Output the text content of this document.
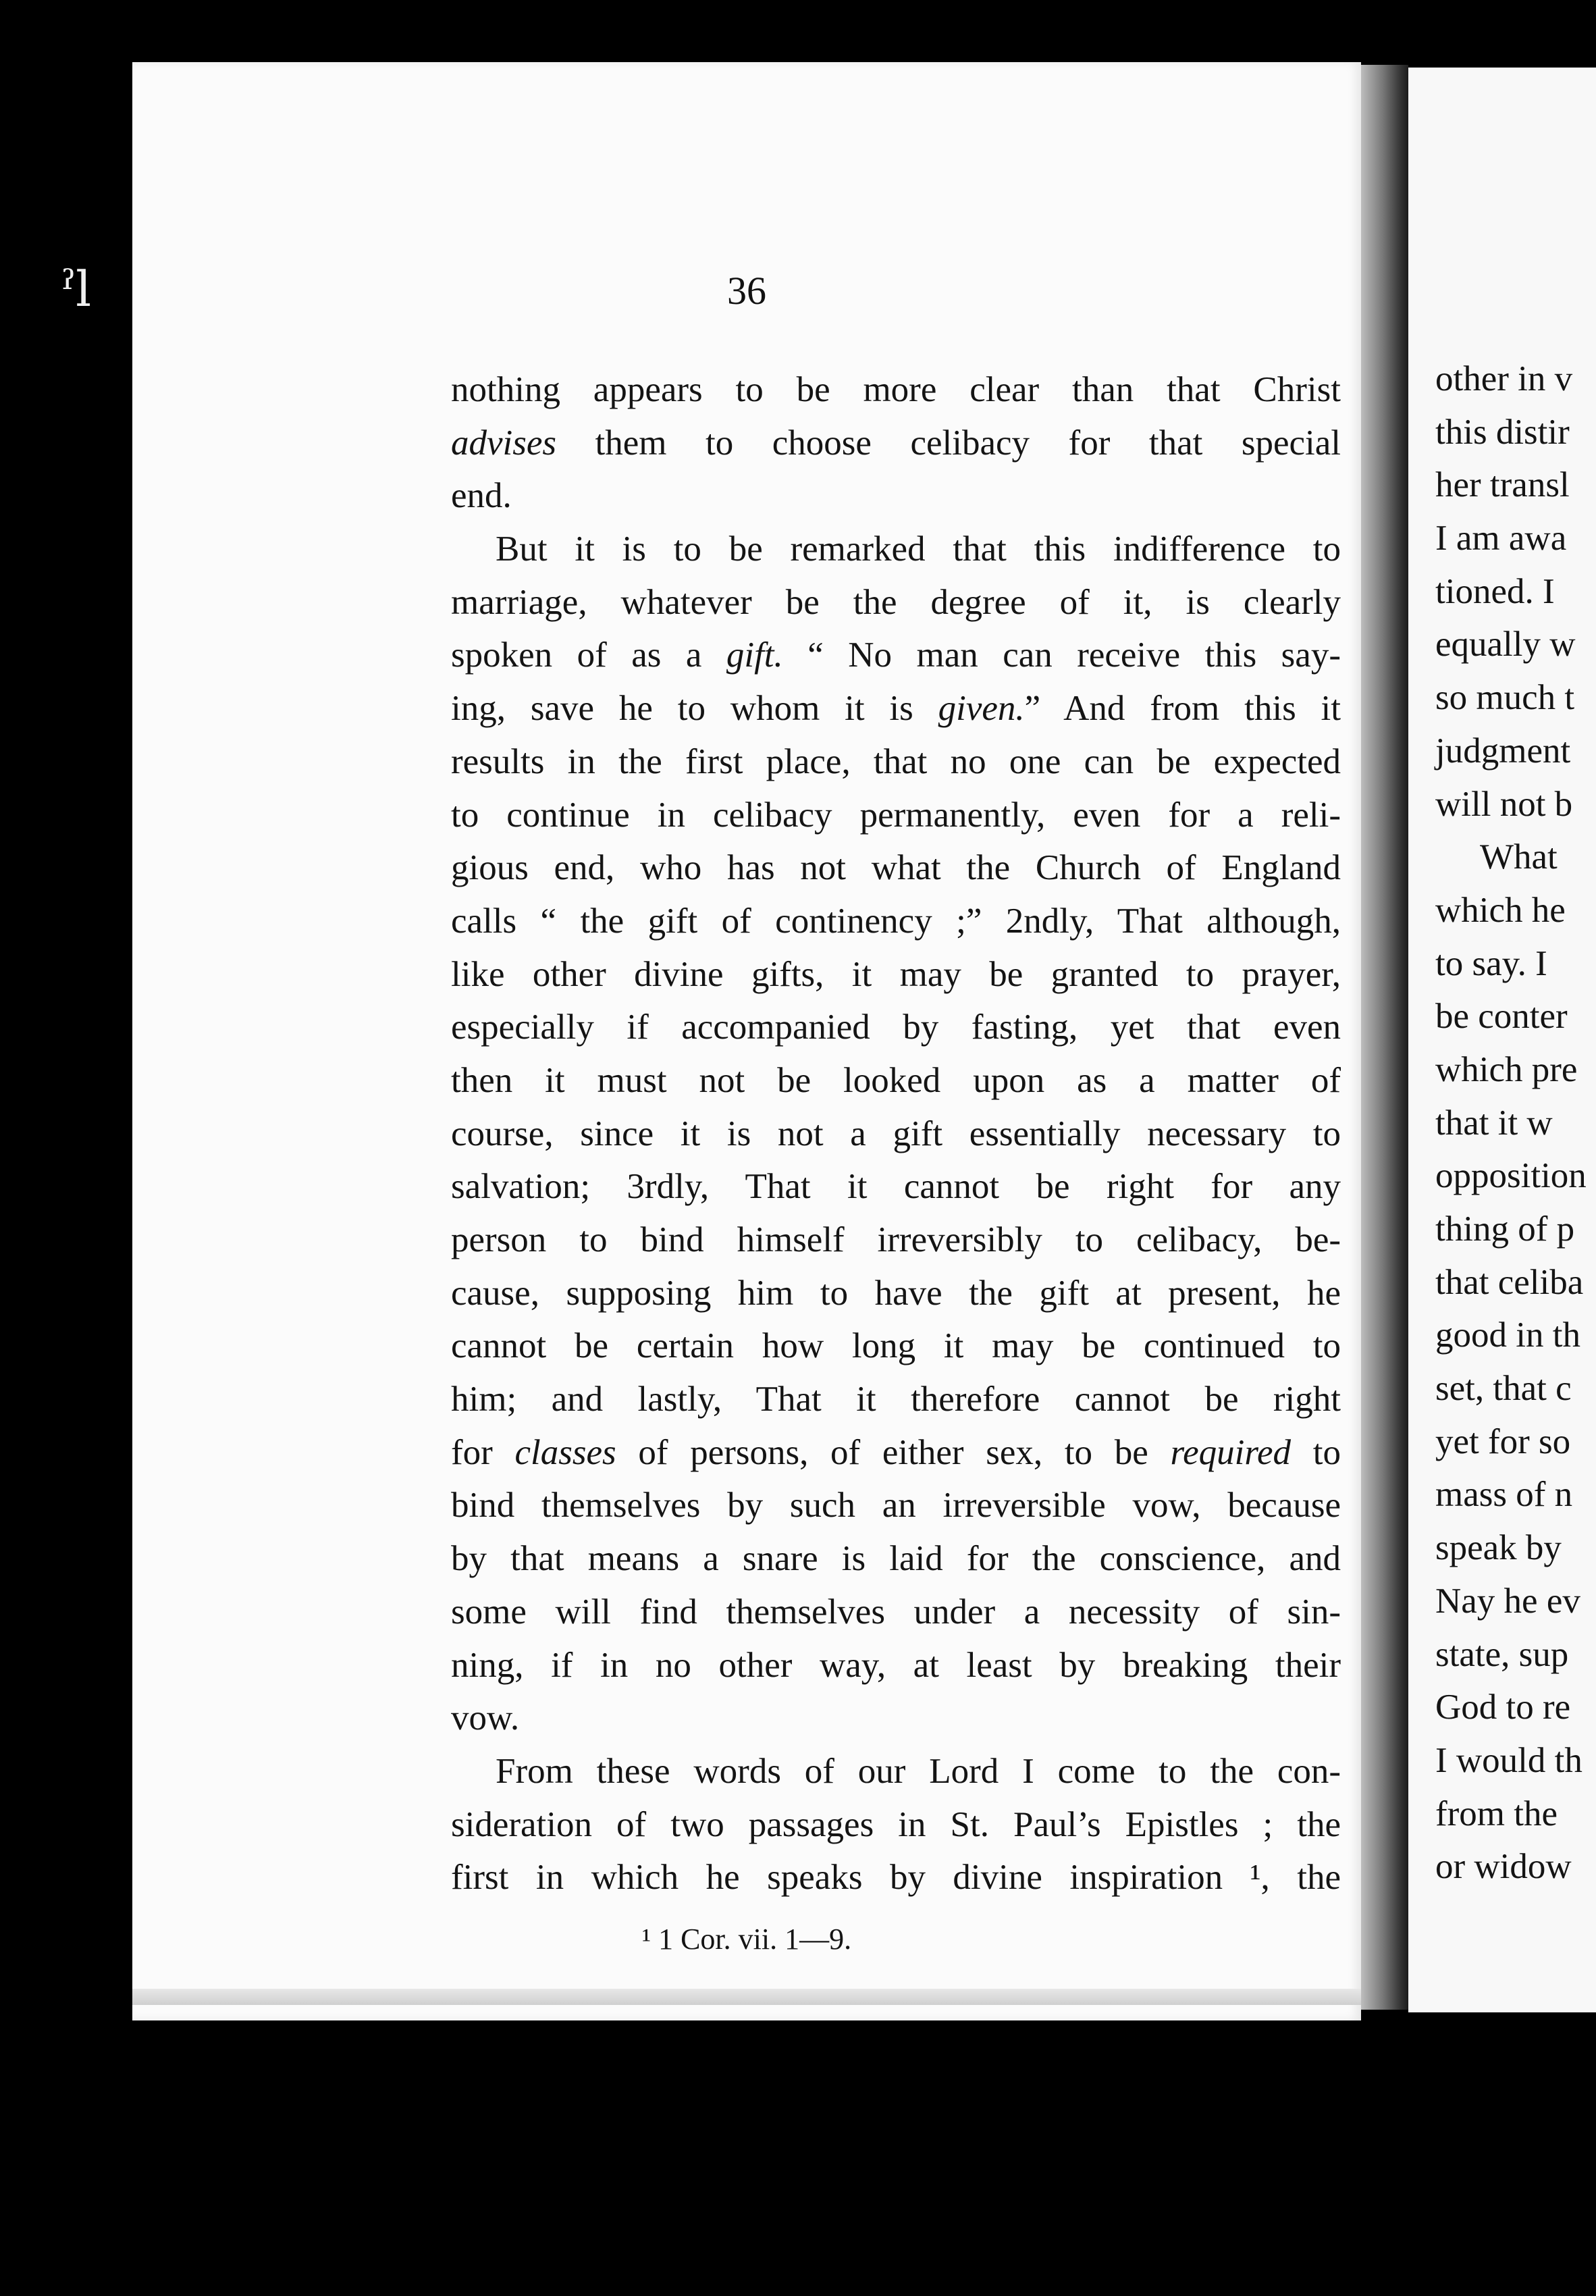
ˀl	36
nothing appears to be more clear than that Christ
advises them to choose celibacy for that special
end.
But it is to be remarked that this indifference to
marriage, whatever be the degree of it, is clearly
spoken of as a gift. “ No man can receive this say-
ing, save he to whom it is given.” And from this it
results in the first place, that no one can be expected
to continue in celibacy permanently, even for a reli-
gious end, who has not what the Church of England
calls “ the gift of continency ;” 2ndly, That although,
like other divine gifts, it may be granted to prayer,
especially if accompanied by fasting, yet that even
then it must not be looked upon as a matter of
course, since it is not a gift essentially necessary to
salvation; 3rdly, That it cannot be right for any
person to bind himself irreversibly to celibacy, be-
cause, supposing him to have the gift at present, he
cannot be certain how long it may be continued to
him; and lastly, That it therefore cannot be right
for classes of persons, of either sex, to be required to
bind themselves by such an irreversible vow, because
by that means a snare is laid for the conscience, and
some will find themselves under a necessity of sin-
ning, if in no other way, at least by breaking their
vow.
From these words of our Lord I come to the con-
sideration of two passages in St. Paul’s Epistles ; the
first in which he speaks by divine inspiration ¹, the
¹ 1 Cor. vii. 1—9.
other in v
this distir
her transl
I am awa
tioned. I
equally w
so much t
judgment
will not b
What
which he
to say. I
be conter
which pre
that it w
opposition
thing of p
that celiba
good in th
set, that c
yet for so
mass of n
speak by
Nay he ev
state, sup
God to re
I would th
from the
or widow
